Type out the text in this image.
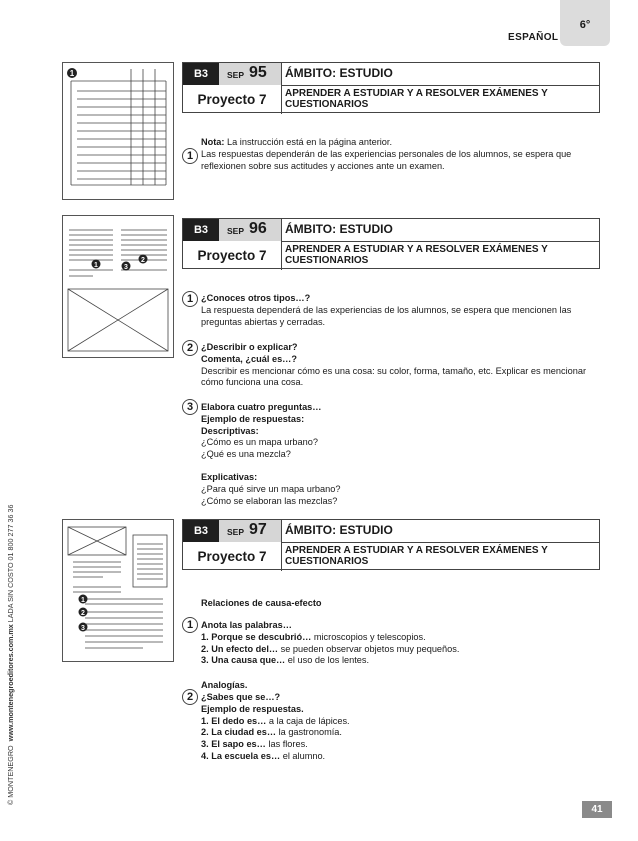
6°
ESPAÑOL
© MONTENEGRO  www.montenegroeditores.com.mx LADA SIN COSTO 01 800 277 36 36
1
1
2
3
1
2
3
B3	SEP 95 ÁMBITO: ESTUDIO
Proyecto 7	APRENDER A ESTUDIAR Y A RESOLVER EXÁMENES Y CUESTIONARIOS
Nota: La instrucción está en la página anterior.
1 Las respuestas dependerán de las experiencias personales de los alumnos, se espera que reflexionen sobre sus actitudes y acciones ante un examen.
B3	SEP 96 ÁMBITO: ESTUDIO
Proyecto 7	APRENDER A ESTUDIAR Y A RESOLVER EXÁMENES Y CUESTIONARIOS
1 ¿Conoces otros tipos…?
La respuesta dependerá de las experiencias de los alumnos, se espera que mencionen las preguntas abiertas y cerradas.
2 ¿Describir o explicar?
Comenta, ¿cuál es…?
Describir es mencionar cómo es una cosa: su color, forma, tamaño, etc. Explicar es mencionar cómo funciona una cosa.
3 Elabora cuatro preguntas…
Ejemplo de respuestas:
Descriptivas:
¿Cómo es un mapa urbano?
¿Qué es una mezcla?

Explicativas:
¿Para qué sirve un mapa urbano?
¿Cómo se elaboran las mezclas?
B3	SEP 97 ÁMBITO: ESTUDIO
Proyecto 7	APRENDER A ESTUDIAR Y A RESOLVER EXÁMENES Y CUESTIONARIOS
Relaciones de causa-efecto
1 Anota las palabras…
1. Porque se descubrió… microscopios y telescopios.
2. Un efecto del… se pueden observar objetos muy pequeños.
3. Una causa que… el uso de los lentes.
Analogías.
2 ¿Sabes que se…?
Ejemplo de respuestas.
1. El dedo es… a la caja de lápices.
2. La ciudad es… la gastronomía.
3. El sapo es… las flores.
4. La escuela es… el alumno.
41
